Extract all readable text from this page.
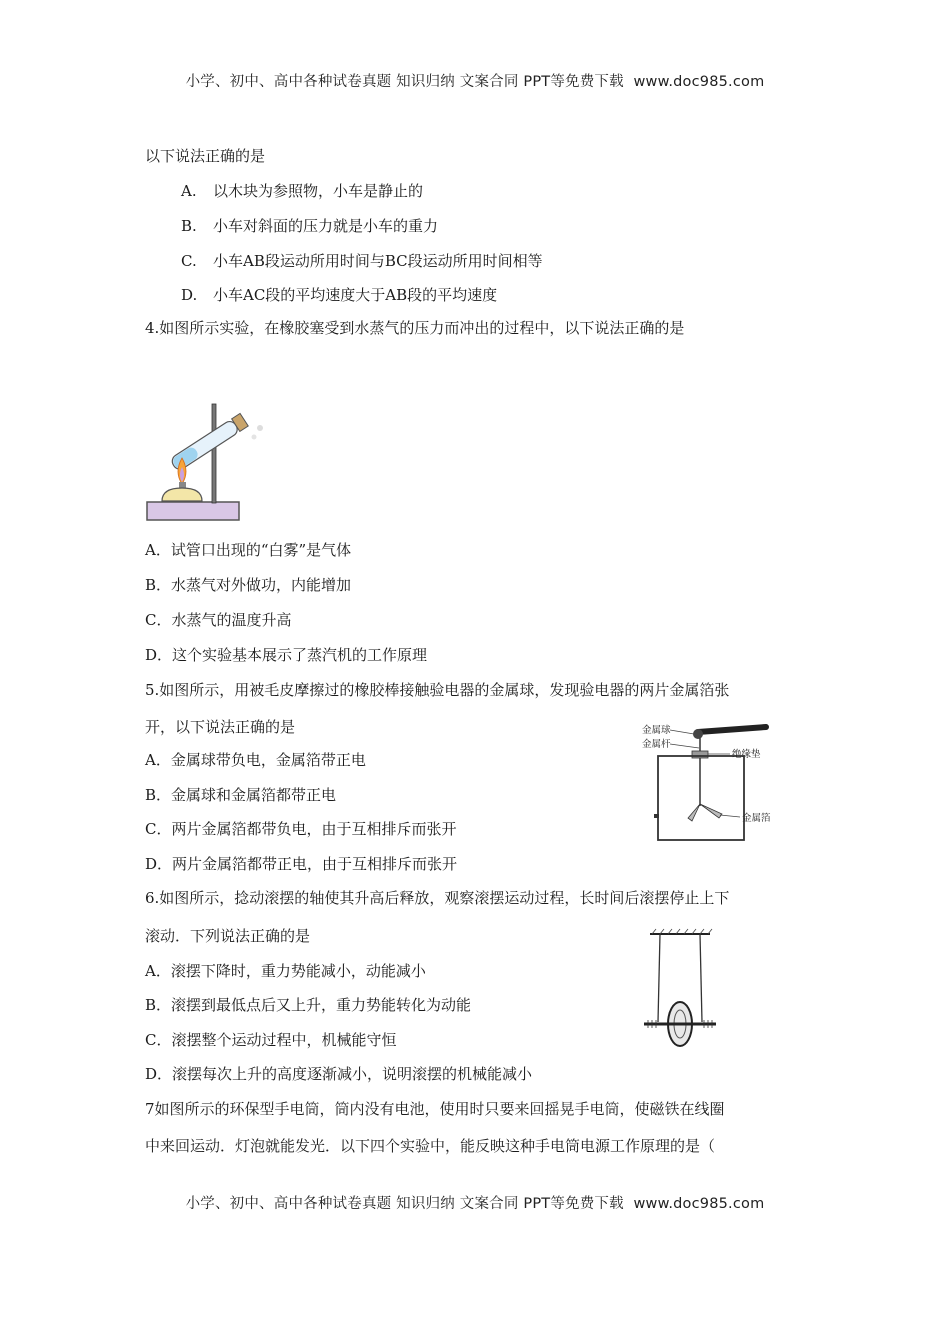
小学、初中、高中各种试卷真题 知识归纳 文案合同 PPT等免费下载 www.doc985.com
以下说法正确的是
A. 以木块为参照物，小车是静止的
B. 小车对斜面的压力就是小车的重力
C. 小车AB段运动所用时间与BC段运动所用时间相等
D. 小车AC段的平均速度大于AB段的平均速度
4.如图所示实验，在橡胶塞受到水蒸气的压力而冲出的过程中，以下说法正确的是
A．试管口出现的“白雾”是气体
B．水蒸气对外做功，内能增加
C．水蒸气的温度升高
D．这个实验基本展示了蒸汽机的工作原理
5.如图所示，用被毛皮摩擦过的橡胶棒接触验电器的金属球，发现验电器的两片金属箔张
开，以下说法正确的是	金属球
金属杆
绝缘垫
金属箔
A．金属球带负电，金属箔带正电
B．金属球和金属箔都带正电
C．两片金属箔都带负电，由于互相排斥而张开
D．两片金属箔都带正电，由于互相排斥而张开
6.如图所示，捻动滚摆的轴使其升高后释放，观察滚摆运动过程，长时间后滚摆停止上下
滚动．下列说法正确的是
A．滚摆下降时，重力势能减小，动能减小
B．滚摆到最低点后又上升，重力势能转化为动能
C．滚摆整个运动过程中，机械能守恒
D．滚摆每次上升的高度逐渐减小，说明滚摆的机械能减小
7如图所示的环保型手电筒，筒内没有电池，使用时只要来回摇晃手电筒，使磁铁在线圈
中来回运动．灯泡就能发光．以下四个实验中，能反映这种手电筒电源工作原理的是（
小学、初中、高中各种试卷真题 知识归纳 文案合同 PPT等免费下载 www.doc985.com
